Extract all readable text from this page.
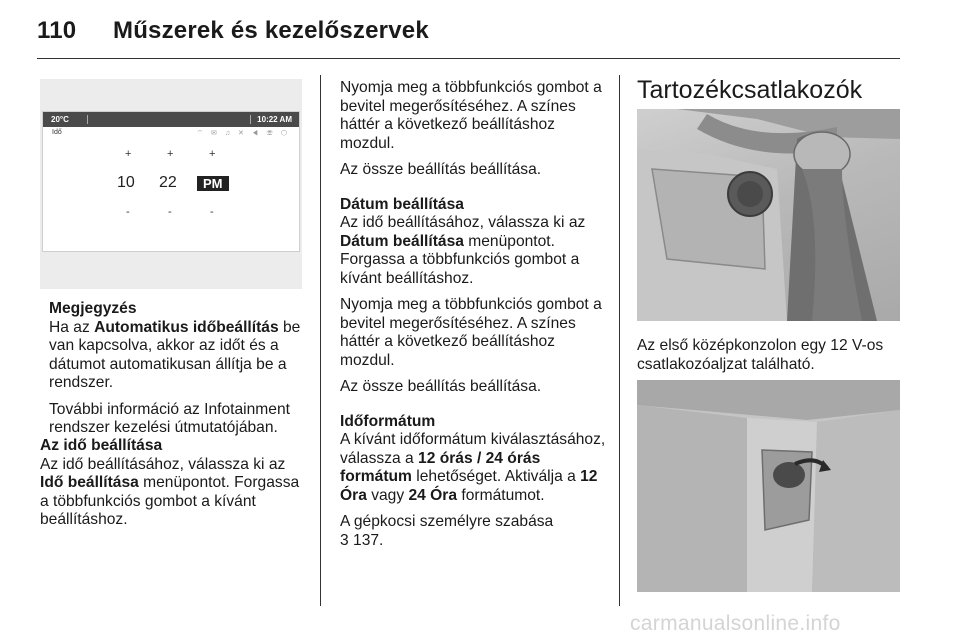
110 Műszerek és kezelőszervek
20°C	10:22 AM
Idő	⌔ ✉ ♫ ✕ ◀ ☏ ⬡
+	+	+
10 22	PM
-	-	-
Megjegyzés

Ha az Automatikus időbeállítás be van kapcsolva, akkor az időt és a dátumot automatikusan állítja be a rendszer.

További információ az Infotainment rendszer kezelési útmutatójában.

Az idő beállítása

Az idő beállításához, válassza ki az Idő beállítása menüpontot. Forgassa a többfunkciós gombot a kívánt beállításhoz.

Nyomja meg a többfunkciós gombot a bevitel megerősítéséhez. A színes háttér a következő beállításhoz mozdul.

Az össze beállítás beállítása.

Dátum beállítása

Az idő beállításához, válassza ki az Dátum beállítása menüpontot. Forgassa a többfunkciós gombot a kívánt beállításhoz.

Nyomja meg a többfunkciós gombot a bevitel megerősítéséhez. A színes háttér a következő beállításhoz mozdul.

Az össze beállítás beállítása.

Időformátum

A kívánt időformátum kiválasztásához, válassza a 12 órás / 24 órás formátum lehetőséget. Aktiválja a 12 Óra vagy 24 Óra formátumot.

A gépkocsi személyre szabása
3 137.

Tartozékcsatlakozók

Az első középkonzolon egy 12 V-os csatlakozóaljzat található.

carmanualsonline.info
